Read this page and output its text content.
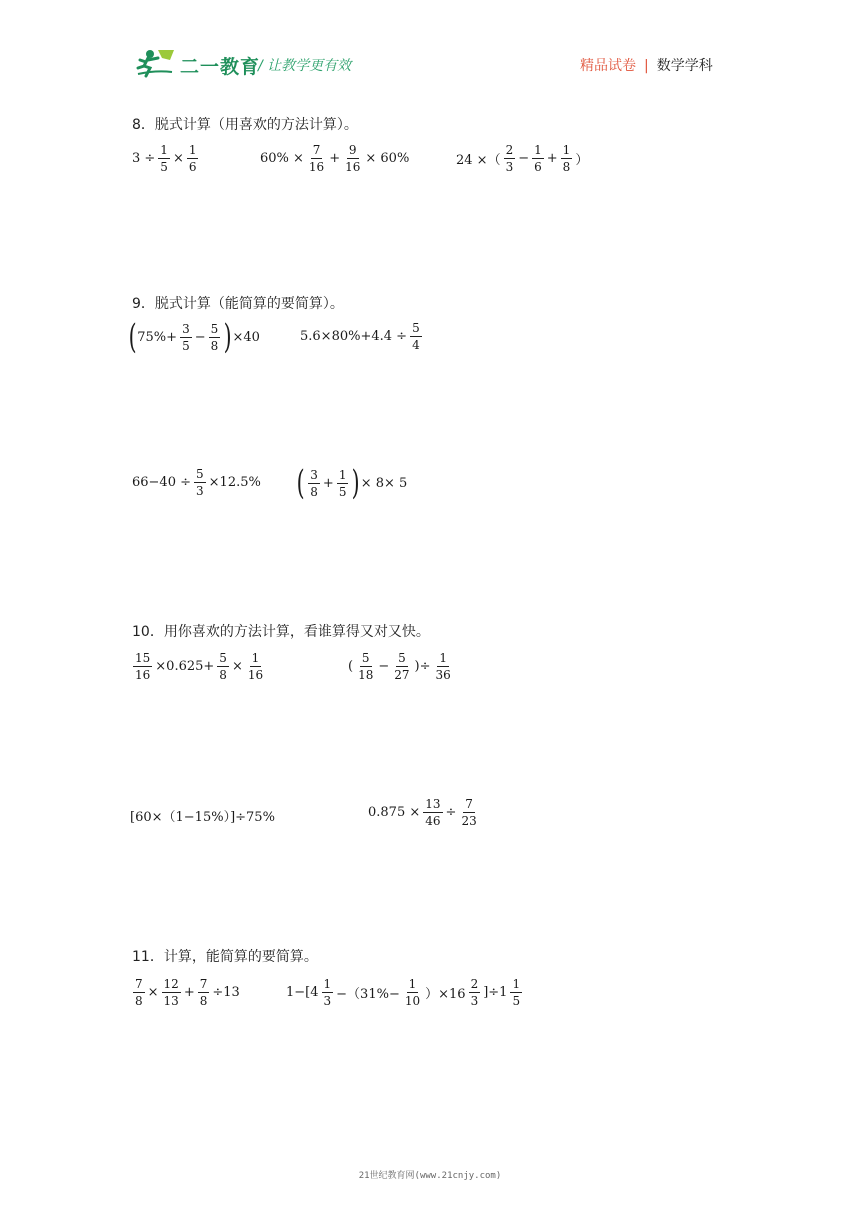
二一教育
/ 让教学更有效	精品试卷 | 数学学科
8．脱式计算（用喜欢的方法计算）。
$3 \div \frac{1}{5} \times \frac{1}{6}$	$60\% \times \frac{7}{16} + \frac{9}{16} \times 60\%$	24 ×（ $\frac{2}{3} - \frac{1}{6} + \frac{1}{8}$ ）
9．脱式计算（能简算的要简算）。
( $75\%+ \frac{3}{5} - \frac{5}{8}$ ) ×40	$5.6\times 80\%+4.4 \div \frac{5}{4}$
$66-40 \div \frac{5}{3} \times 12.5\%$ ( $\frac{3}{8} + \frac{1}{5}$ ) × 8× 5
10．用你喜欢的方法计算，看谁算得又对又快。
$\frac{15}{16} \times 0.625+ \frac{5}{8} \times \frac{1}{16}$	( $\frac{5}{18} - \frac{5}{27}$ ) ÷ $\frac{1}{36}$
[60×（1−15%）]÷75%	$0.875 \times \frac{13}{46} \div \frac{7}{23}$
11．计算，能简算的要简算。
$\frac{7}{8} \times \frac{12}{13} + \frac{7}{8} \div 13$	$1-[4 \frac{1}{3} -(31\%- \frac{1}{10} )\times 16 \frac{2}{3} ]\div 1 \frac{1}{5}$
21世纪教育网(www.21cnjy.com)
